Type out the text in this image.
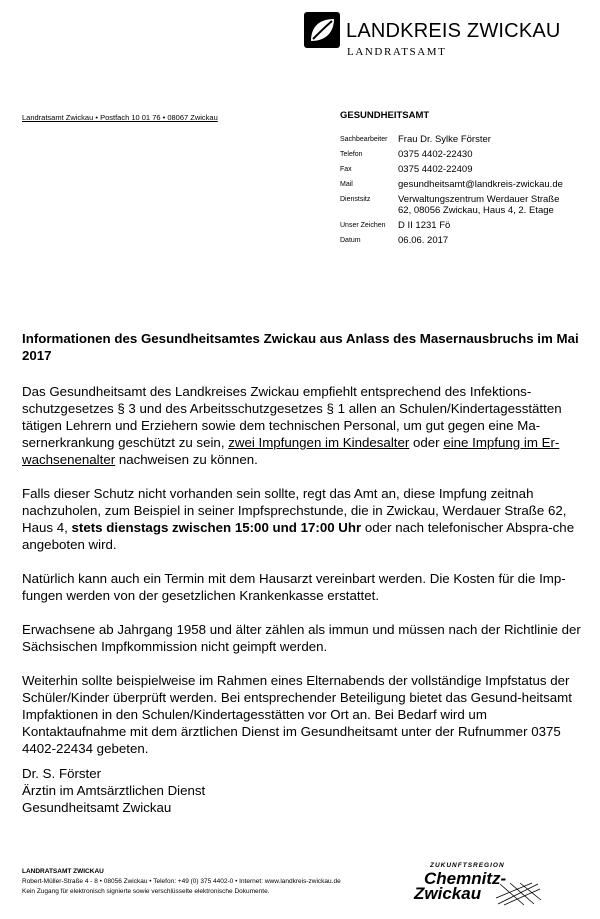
LANDKREIS ZWICKAU
LANDRATSAMT
Landratsamt Zwickau • Postfach 10 01 76 • 08067 Zwickau	GESUNDHEITSAMT
Sachbearbeiter	Frau Dr. Sylke Förster
Telefon	0375 4402-22430
Fax	0375 4402-22409
Mail	gesundheitsamt@landkreis-zwickau.de
Dienstsitz	Verwaltungszentrum Werdauer Straße
62, 08056 Zwickau, Haus 4, 2. Etage
Unser Zeichen	D II 1231 Fö
Datum	06.06. 2017
Informationen des Gesundheitsamtes Zwickau aus Anlass des Masernausbruchs im Mai 2017

Das Gesundheitsamt des Landkreises Zwickau empfiehlt entsprechend des Infektions-schutzgesetzes § 3 und des Arbeitsschutzgesetzes § 1 allen an Schulen/Kindertagesstätten tätigen Lehrern und Erziehern sowie dem technischen Personal, um gut gegen eine Ma-sernerkrankung geschützt zu sein, zwei Impfungen im Kindesalter oder eine Impfung im Er-wachsenenalter nachweisen zu können.

Falls dieser Schutz nicht vorhanden sein sollte, regt das Amt an, diese Impfung zeitnah nachzuholen, zum Beispiel in seiner Impfsprechstunde, die in Zwickau, Werdauer Straße 62, Haus 4, stets dienstags zwischen 15:00 und 17:00 Uhr oder nach telefonischer Abspra-che angeboten wird.

Natürlich kann auch ein Termin mit dem Hausarzt vereinbart werden. Die Kosten für die Imp-fungen werden von der gesetzlichen Krankenkasse erstattet.

Erwachsene ab Jahrgang 1958 und älter zählen als immun und müssen nach der Richtlinie der Sächsischen Impfkommission nicht geimpft werden.

Weiterhin sollte beispielweise im Rahmen eines Elternabends der vollständige Impfstatus der Schüler/Kinder überprüft werden. Bei entsprechender Beteiligung bietet das Gesund-heitsamt Impfaktionen in den Schulen/Kindertagesstätten vor Ort an. Bei Bedarf wird um Kontaktaufnahme mit dem ärztlichen Dienst im Gesundheitsamt unter der Rufnummer 0375 4402-22434 gebeten.

Dr. S. Förster
Ärztin im Amtsärztlichen Dienst
Gesundheitsamt Zwickau
LANDRATSAMT ZWICKAU
Robert-Müller-Straße 4 - 8 • 08056 Zwickau • Telefon: +49 (0) 375 4402-0 • Internet: www.landkreis-zwickau.de
Kein Zugang für elektronisch signierte sowie verschlüsselte elektronische Dokumente.
ZUKUNFTSREGION
Chemnitz-
Zwickau
